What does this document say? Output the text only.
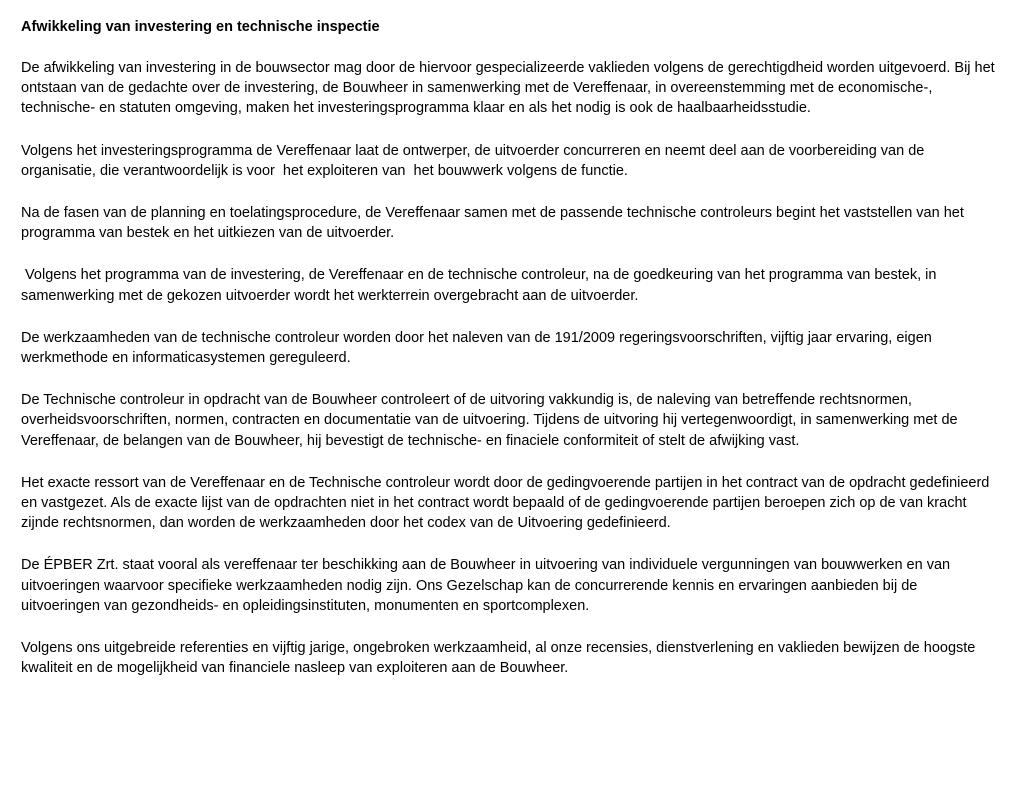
Afwikkeling van investering en technische inspectie

De afwikkeling van investering in de bouwsector mag door de hiervoor gespecializeerde vaklieden volgens de gerechtigdheid worden uitgevoerd. Bij het ontstaan van de gedachte over de investering, de Bouwheer in samenwerking met de Vereffenaar, in overeenstemming met de economische-, technische- en statuten omgeving, maken het investeringsprogramma klaar en als het nodig is ook de haalbaarheidsstudie.

Volgens het investeringsprogramma de Vereffenaar laat de ontwerper, de uitvoerder concurreren en neemt deel aan de voorbereiding van de organisatie, die verantwoordelijk is voor  het exploiteren van  het bouwwerk volgens de functie.

Na de fasen van de planning en toelatingsprocedure, de Vereffenaar samen met de passende technische controleurs begint het vaststellen van het programma van bestek en het uitkiezen van de uitvoerder.

Volgens het programma van de investering, de Vereffenaar en de technische controleur, na de goedkeuring van het programma van bestek, in samenwerking met de gekozen uitvoerder wordt het werkterrein overgebracht aan de uitvoerder.

De werkzaamheden van de technische controleur worden door het naleven van de 191/2009 regeringsvoorschriften, vijftig jaar ervaring, eigen werkmethode en informaticasystemen gereguleerd.

De Technische controleur in opdracht van de Bouwheer controleert of de uitvoring vakkundig is, de naleving van betreffende rechtsnormen, overheidsvoorschriften, normen, contracten en documentatie van de uitvoering. Tijdens de uitvoring hij vertegenwoordigt, in samenwerking met de Vereffenaar, de belangen van de Bouwheer, hij bevestigt de technische- en finaciele conformiteit of stelt de afwijking vast.

Het exacte ressort van de Vereffenaar en de Technische controleur wordt door de gedingvoerende partijen in het contract van de opdracht gedefinieerd en vastgezet. Als de exacte lijst van de opdrachten niet in het contract wordt bepaald of de gedingvoerende partijen beroepen zich op de van kracht zijnde rechtsnormen, dan worden de werkzaamheden door het codex van de Uitvoering gedefinieerd.

De ÉPBER Zrt. staat vooral als vereffenaar ter beschikking aan de Bouwheer in uitvoering van individuele vergunningen van bouwwerken en van uitvoeringen waarvoor specifieke werkzaamheden nodig zijn. Ons Gezelschap kan de concurrerende kennis en ervaringen aanbieden bij de uitvoeringen van gezondheids- en opleidingsinstituten, monumenten en sportcomplexen.

Volgens ons uitgebreide referenties en vijftig jarige, ongebroken werkzaamheid, al onze recensies, dienstverlening en vaklieden bewijzen de hoogste kwaliteit en de mogelijkheid van financiele nasleep van exploiteren aan de Bouwheer.
